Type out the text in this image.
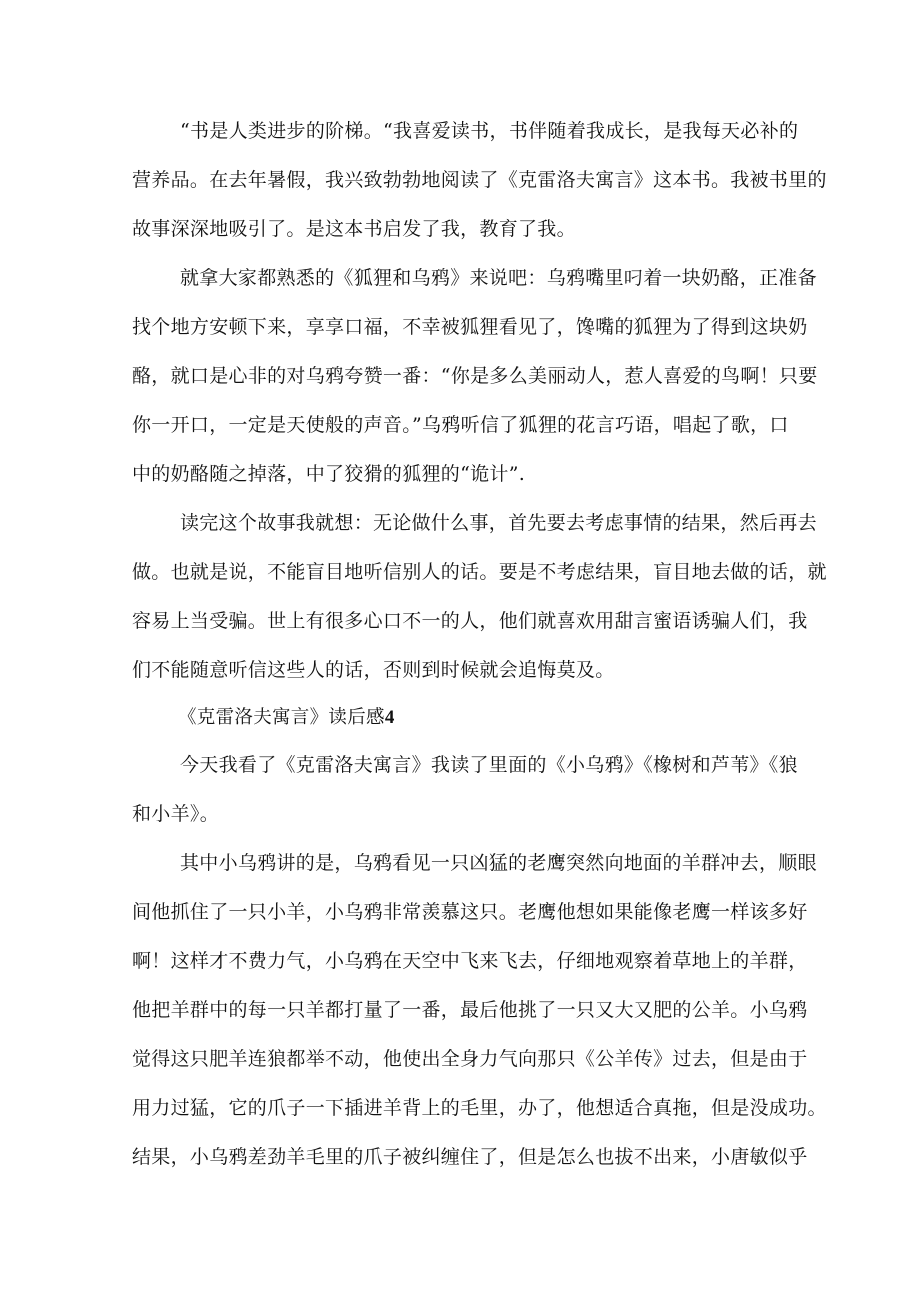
“书是人类进步的阶梯。“我喜爱读书，书伴随着我成长，是我每天必补的
营养品。在去年暑假，我兴致勃勃地阅读了《克雷洛夫寓言》这本书。我被书里的
故事深深地吸引了。是这本书启发了我，教育了我。
就拿大家都熟悉的《狐狸和乌鸦》来说吧：乌鸦嘴里叼着一块奶酪，正准备
找个地方安顿下来，享享口福，不幸被狐狸看见了，馋嘴的狐狸为了得到这块奶
酪，就口是心非的对乌鸦夸赞一番：“你是多么美丽动人，惹人喜爱的鸟啊！只要
你一开口，一定是天使般的声音。”乌鸦听信了狐狸的花言巧语，唱起了歌，口
中的奶酪随之掉落，中了狡猾的狐狸的“诡计”.
读完这个故事我就想：无论做什么事，首先要去考虑事情的结果，然后再去
做。也就是说，不能盲目地听信别人的话。要是不考虑结果，盲目地去做的话，就
容易上当受骗。世上有很多心口不一的人，他们就喜欢用甜言蜜语诱骗人们，我
们不能随意听信这些人的话，否则到时候就会追悔莫及。
《克雷洛夫寓言》读后感4
今天我看了《克雷洛夫寓言》我读了里面的《小乌鸦》《橡树和芦苇》《狼
和小羊》。
其中小乌鸦讲的是，乌鸦看见一只凶猛的老鹰突然向地面的羊群冲去，顺眼
间他抓住了一只小羊，小乌鸦非常羡慕这只。老鹰他想如果能像老鹰一样该多好
啊！这样才不费力气，小乌鸦在天空中飞来飞去，仔细地观察着草地上的羊群，
他把羊群中的每一只羊都打量了一番，最后他挑了一只又大又肥的公羊。小乌鸦
觉得这只肥羊连狼都举不动，他使出全身力气向那只《公羊传》过去，但是由于
用力过猛，它的爪子一下插进羊背上的毛里，办了，他想适合真拖，但是没成功。
结果，小乌鸦差劲羊毛里的爪子被纠缠住了，但是怎么也拔不出来，小唐敏似乎
